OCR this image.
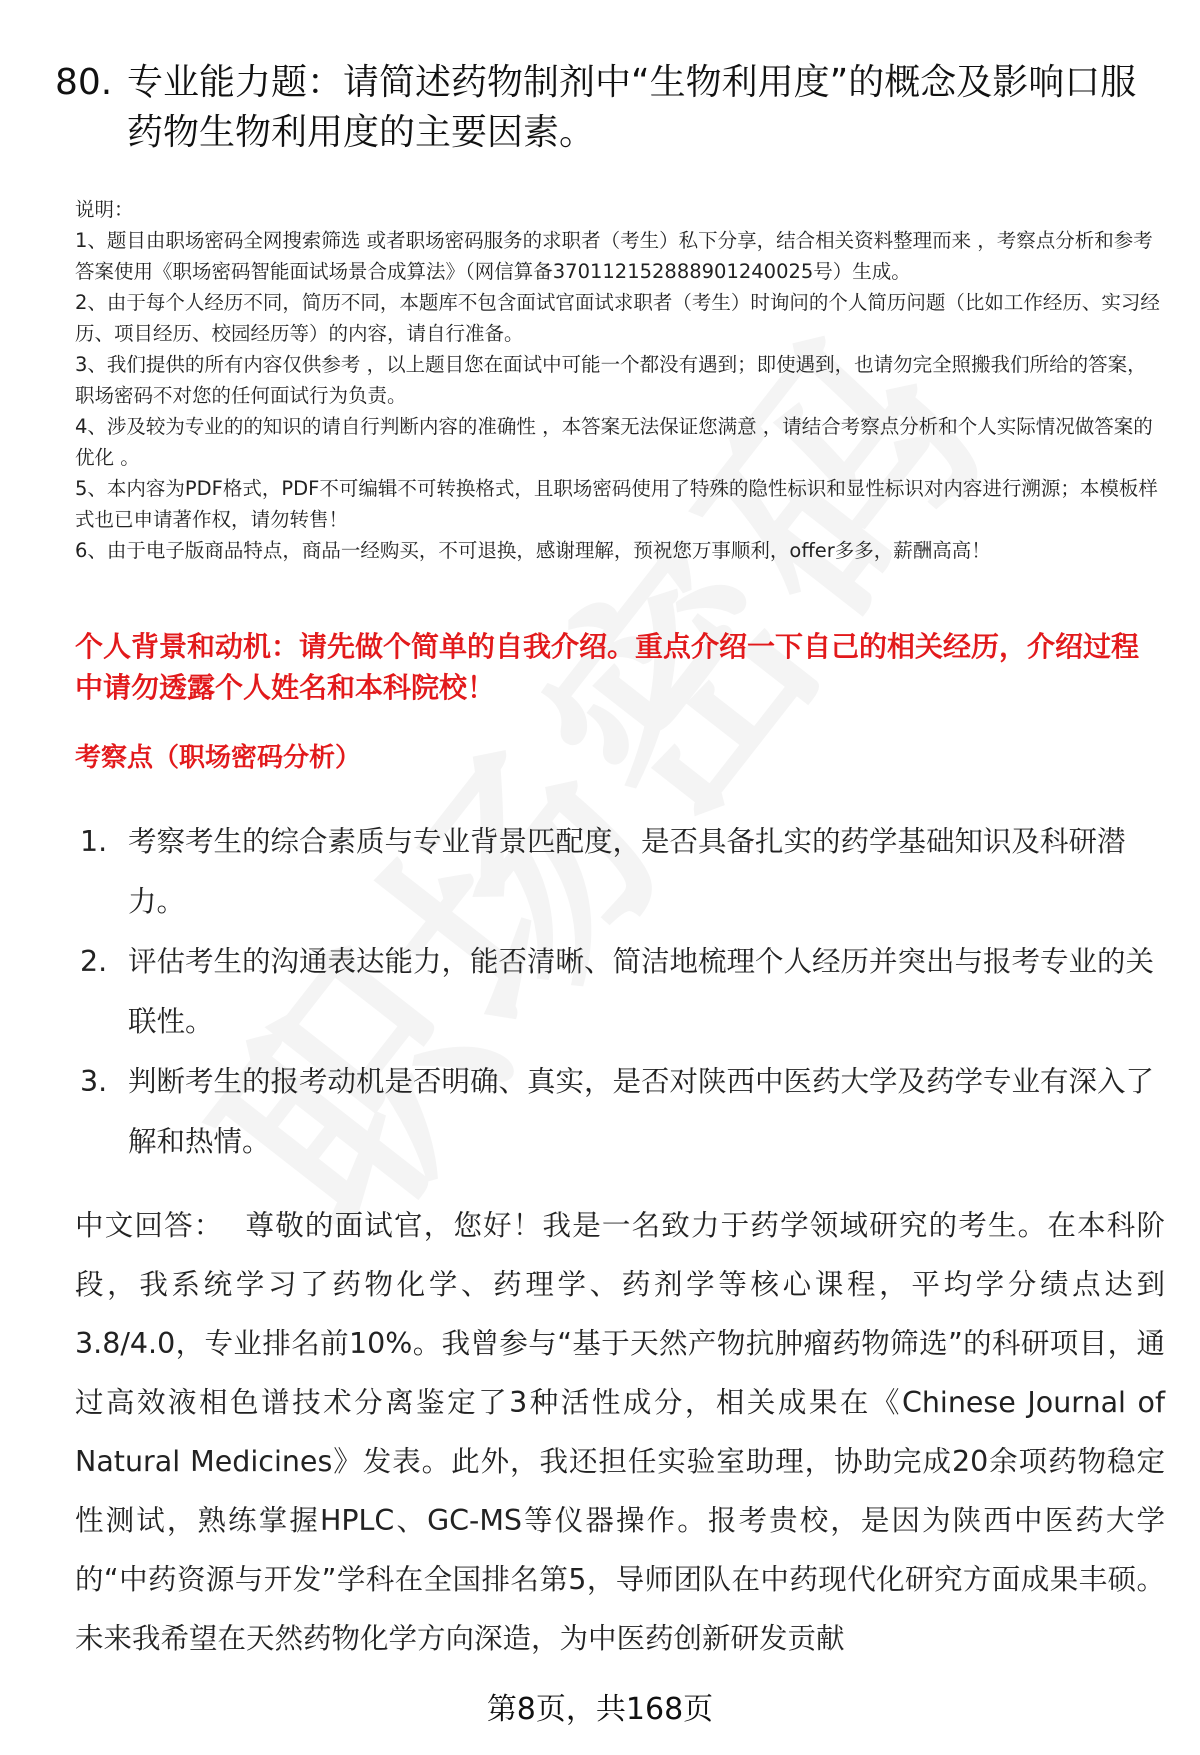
80. 专业能力题：请简述药物制剂中“生物利用度”的概念及影响口服药物生物利用度的主要因素。

说明：

1、题目由职场密码全网搜索筛选 或者职场密码服务的求职者（考生）私下分享，结合相关资料整理而来 ，考察点分析和参考答案使用《职场密码智能面试场景合成算法》（网信算备370112152888901240025号）生成。

2、由于每个人经历不同，简历不同，本题库不包含面试官面试求职者（考生）时询问的个人简历问题（比如工作经历、实习经历、项目经历、校园经历等）的内容，请自行准备。

3、我们提供的所有内容仅供参考 ，以上题目您在面试中可能一个都没有遇到；即使遇到，也请勿完全照搬我们所给的答案，职场密码不对您的任何面试行为负责。

4、涉及较为专业的的知识的请自行判断内容的准确性 ，本答案无法保证您满意 ，请结合考察点分析和个人实际情况做答案的优化 。

5、本内容为PDF格式，PDF不可编辑不可转换格式，且职场密码使用了特殊的隐性标识和显性标识对内容进行溯源；本模板样式也已申请著作权，请勿转售！

6、由于电子版商品特点，商品一经购买，不可退换，感谢理解，预祝您万事顺利，offer多多，薪酬高高！

个人背景和动机：请先做个简单的自我介绍。重点介绍一下自己的相关经历，介绍过程中请勿透露个人姓名和本科院校！
考察点（职场密码分析）
1. 考察考生的综合素质与专业背景匹配度，是否具备扎实的药学基础知识及科研潜力。
2. 评估考生的沟通表达能力，能否清晰、简洁地梳理个人经历并突出与报考专业的关联性。
3. 判断考生的报考动机是否明确、真实，是否对陕西中医药大学及药学专业有深入了解和热情。
中文回答： 尊敬的面试官，您好！我是一名致力于药学领域研究的考生。在本科阶段，我系统学习了药物化学、药理学、药剂学等核心课程，平均学分绩点达到3.8/4.0，专业排名前10%。我曾参与“基于天然产物抗肿瘤药物筛选”的科研项目，通过高效液相色谱技术分离鉴定了3种活性成分，相关成果在《Chinese Journal of Natural Medicines》发表。此外，我还担任实验室助理，协助完成20余项药物稳定性测试，熟练掌握HPLC、GC-MS等仪器操作。报考贵校，是因为陕西中医药大学的“中药资源与开发”学科在全国排名第5，导师团队在中药现代化研究方面成果丰硕。未来我希望在天然药物化学方向深造，为中医药创新研发贡献
第8页，共168页
